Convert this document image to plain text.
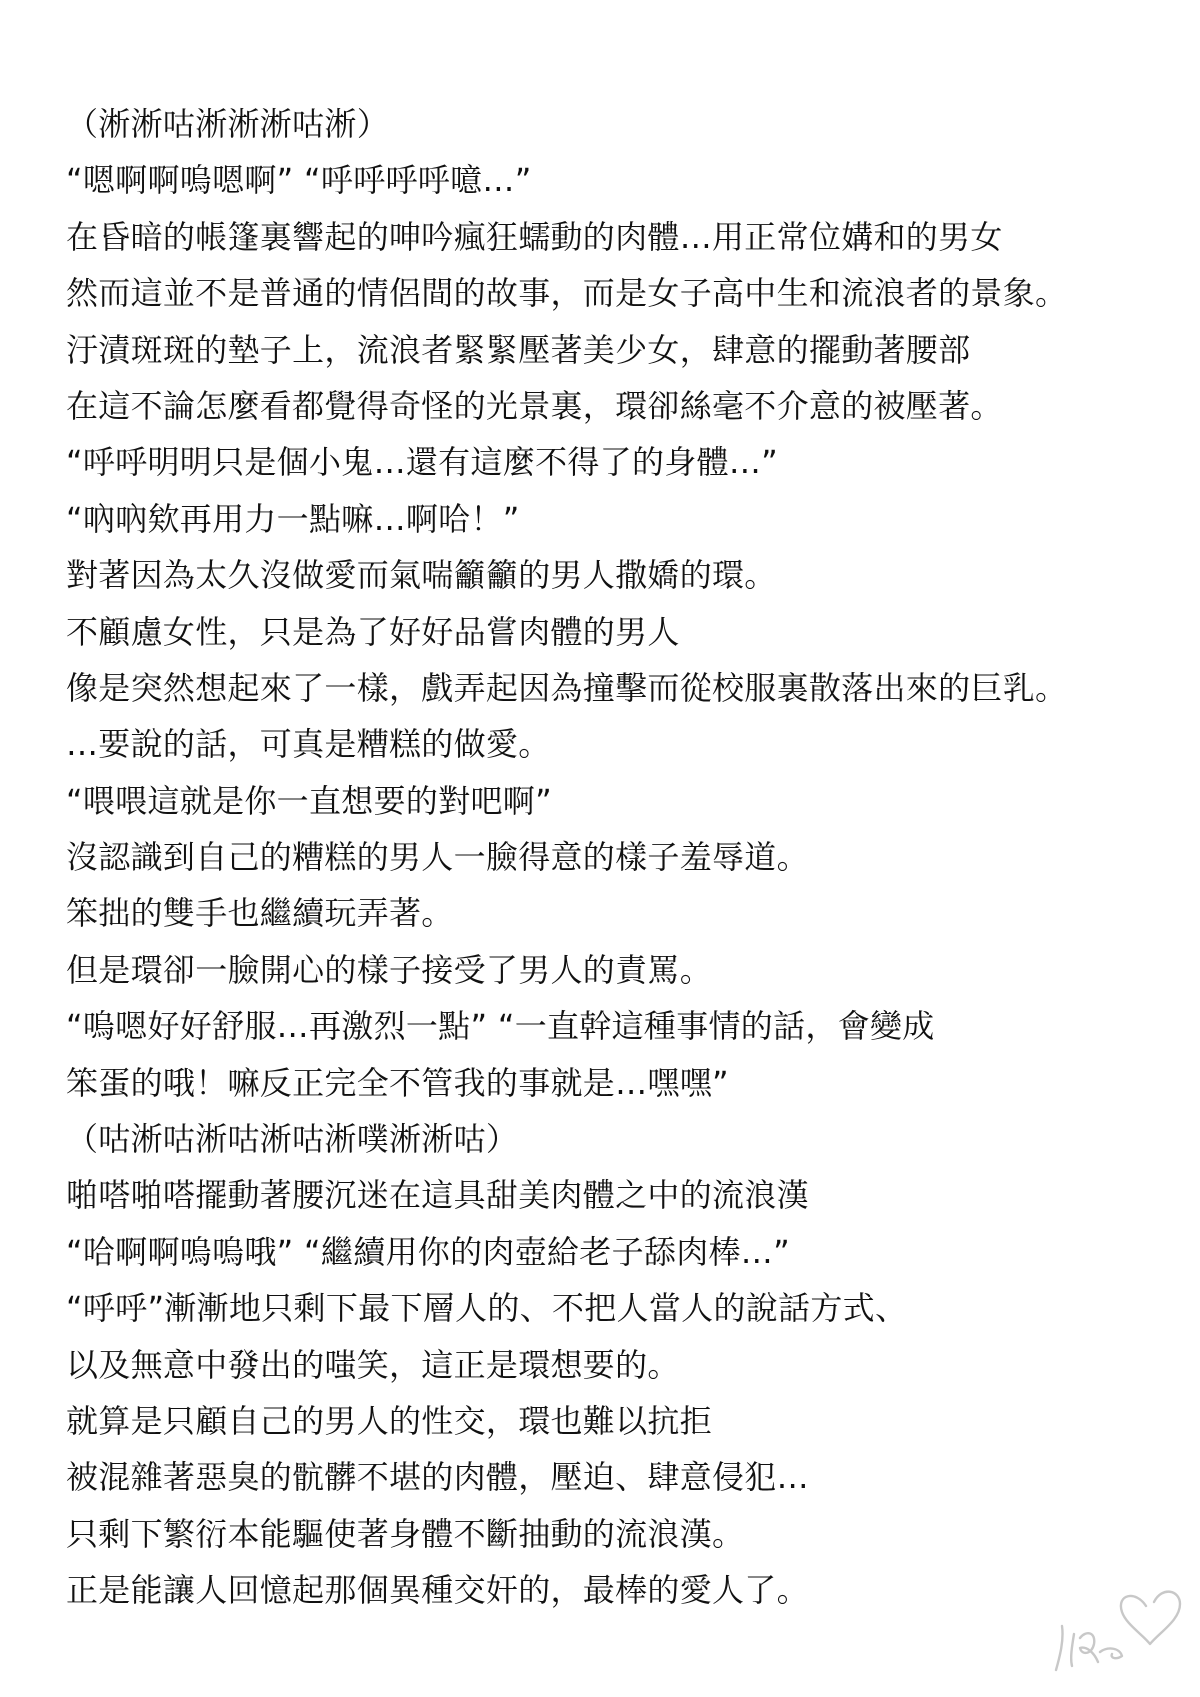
（淅淅咕淅淅淅咕淅）
“嗯啊啊嗚嗯啊” “呼呼呼呼噫…”
在昏暗的帳篷裏響起的呻吟瘋狂蠕動的肉體…用正常位媾和的男女
然而這並不是普通的情侶間的故事，而是女子高中生和流浪者的景象。
汙漬斑斑的墊子上，流浪者緊緊壓著美少女，肆意的擺動著腰部
在這不論怎麼看都覺得奇怪的光景裏，環卻絲毫不介意的被壓著。
“呼呼明明只是個小鬼…還有這麼不得了的身體…”
“吶吶欸再用力一點嘛…啊哈！”
對著因為太久沒做愛而氣喘籲籲的男人撒嬌的環。
不顧慮女性，只是為了好好品嘗肉體的男人
像是突然想起來了一樣，戲弄起因為撞擊而從校服裏散落出來的巨乳。
…要說的話，可真是糟糕的做愛。
“喂喂這就是你一直想要的對吧啊”
沒認識到自己的糟糕的男人一臉得意的樣子羞辱道。
笨拙的雙手也繼續玩弄著。
但是環卻一臉開心的樣子接受了男人的責罵。
“嗚嗯好好舒服…再激烈一點” “一直幹這種事情的話，會變成
笨蛋的哦！嘛反正完全不管我的事就是…嘿嘿”
（咕淅咕淅咕淅咕淅噗淅淅咕）
啪嗒啪嗒擺動著腰沉迷在這具甜美肉體之中的流浪漢
“哈啊啊嗚嗚哦” “繼續用你的肉壺給老子舔肉棒…”
“呼呼”漸漸地只剩下最下層人的、不把人當人的說話方式、
以及無意中發出的嗤笑，這正是環想要的。
就算是只顧自己的男人的性交，環也難以抗拒
被混雜著惡臭的骯髒不堪的肉體，壓迫、肆意侵犯…
只剩下繁衍本能驅使著身體不斷抽動的流浪漢。
正是能讓人回憶起那個異種交奸的，最棒的愛人了。
